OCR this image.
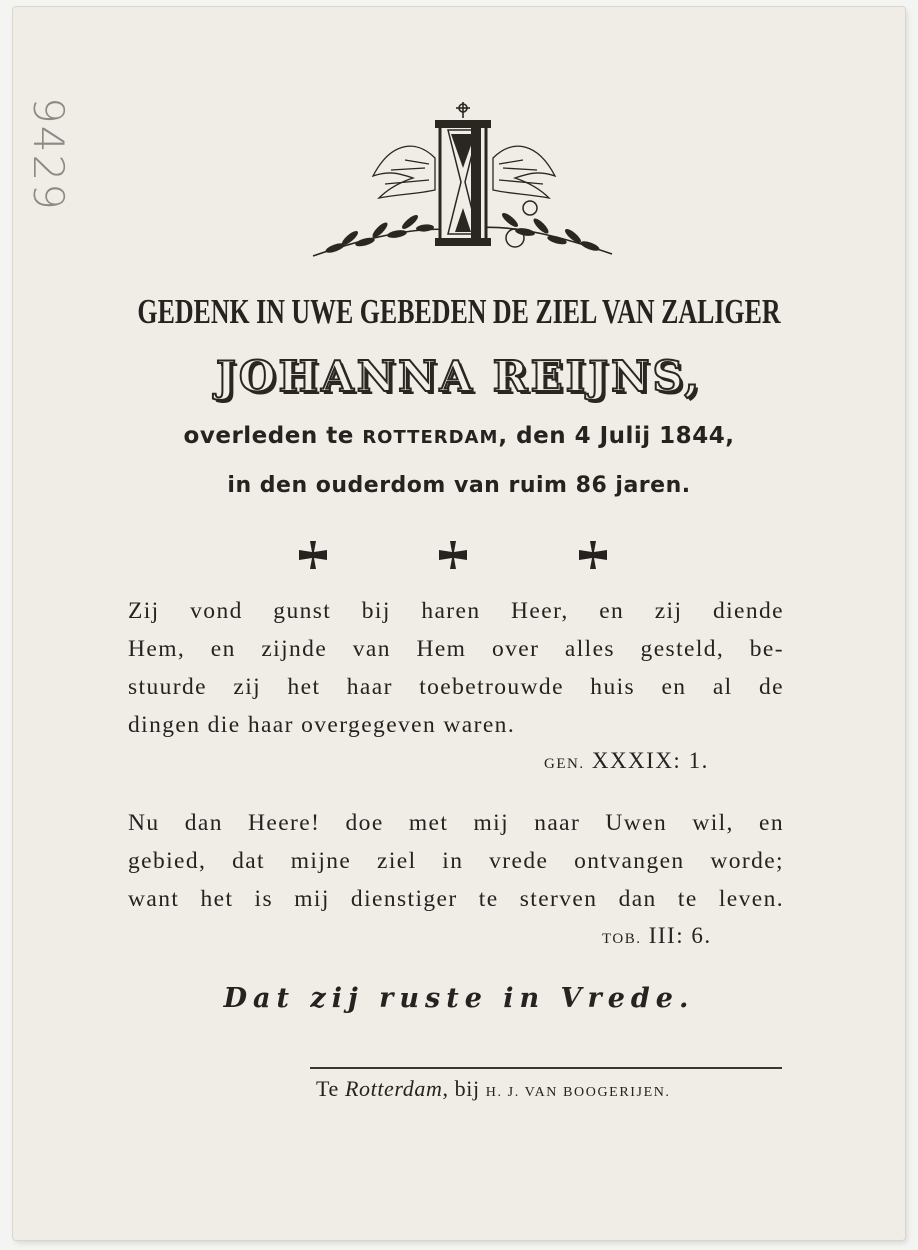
9429
GEDENK IN UWE GEBEDEN DE ZIEL VAN ZALIGER
JOHANNA REIJNS,
overleden te ROTTERDAM, den 4 Julij 1844,
in den ouderdom van ruim 86 jaren.
Zij vond gunst bij haren Heer, en zij diende
Hem, en zijnde van Hem over alles gesteld, be-
stuurde zij het haar toebetrouwde huis en al de
dingen die haar overgegeven waren.
GEN. XXXIX: 1.
Nu dan Heere! doe met mij naar Uwen wil, en
gebied, dat mijne ziel in vrede ontvangen worde;
want het is mij dienstiger te sterven dan te leven.
TOB. III: 6.
Dat zij ruste in Vrede.
Te Rotterdam, bij H. J. VAN BOOGERIJEN.
